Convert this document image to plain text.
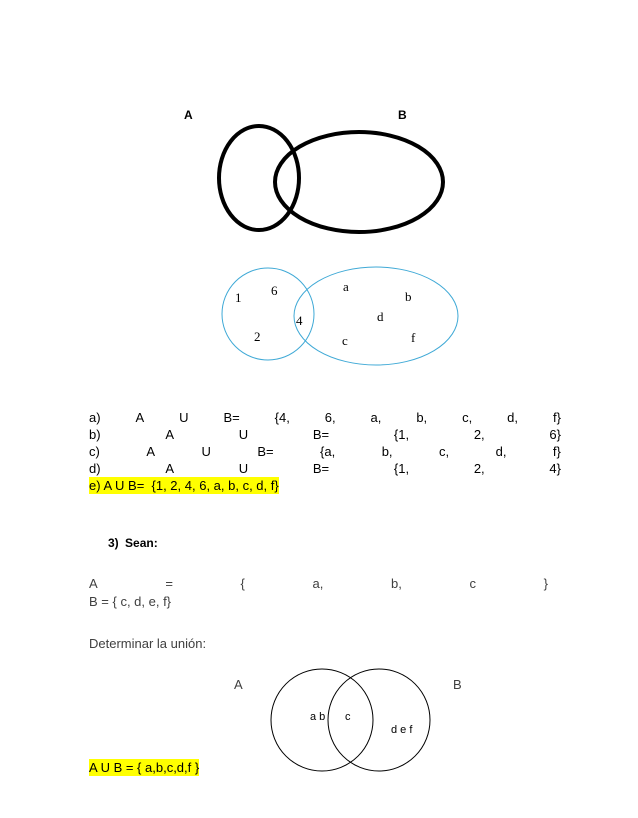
A	B
1 6
2
4
a
b
d
c	f
a)	A	U	B=	{4,	6,	a,	b,	c,	d,	f}
b)	A	U	B=	{1,	2,	6}
c)	A	U	B=	{a,	b,	c,	d,	f}
d)	A	U	B=	{1,	2,	4}
e) A U B=  {1, 2, 4, 6, a, b, c, d, f}
3) Sean:
A	=	{	a,	b,	c	}
B = { c, d, e, f}
Determinar la unión:
A	B
a b c
d e f
A U B = { a,b,c,d,f }
